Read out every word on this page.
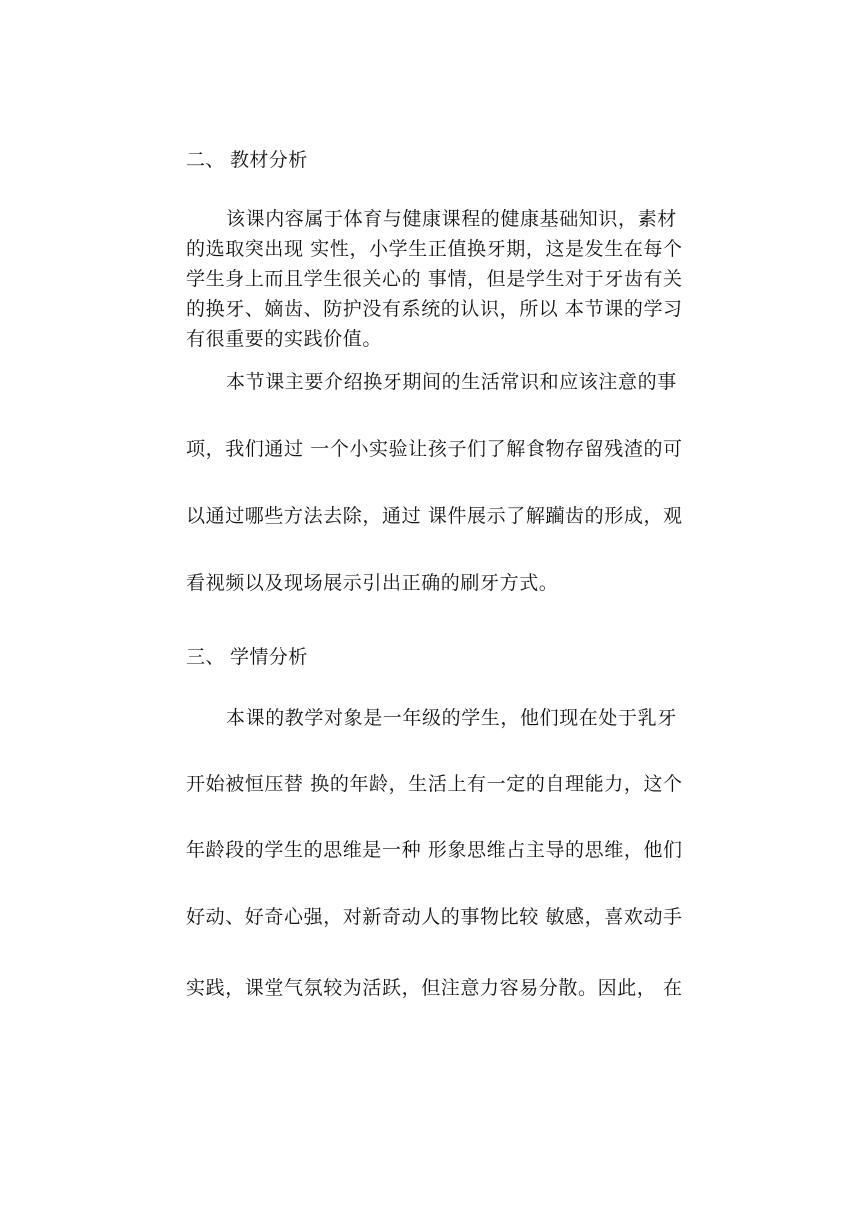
二、 教材分析
该课内容属于体育与健康课程的健康基础知识，素材
的选取突出现 实性，小学生正值换牙期，这是发生在每个
学生身上而且学生很关心的 事情，但是学生对于牙齿有关
的换牙、嫡齿、防护没有系统的认识，所以 本节课的学习
有很重要的实践价值。
本节课主要介绍换牙期间的生活常识和应该注意的事
项，我们通过 一个小实验让孩子们了解食物存留残渣的可
以通过哪些方法去除，通过 课件展示了解躏齿的形成，观
看视频以及现场展示引出正确的刷牙方式。
三、 学情分析
本课的教学对象是一年级的学生，他们现在处于乳牙
开始被恒压替 换的年龄，生活上有一定的自理能力，这个
年龄段的学生的思维是一种 形象思维占主导的思维，他们
好动、好奇心强，对新奇动人的事物比较 敏感，喜欢动手
实践，课堂气氛较为活跃，但注意力容易分散。因此， 在
